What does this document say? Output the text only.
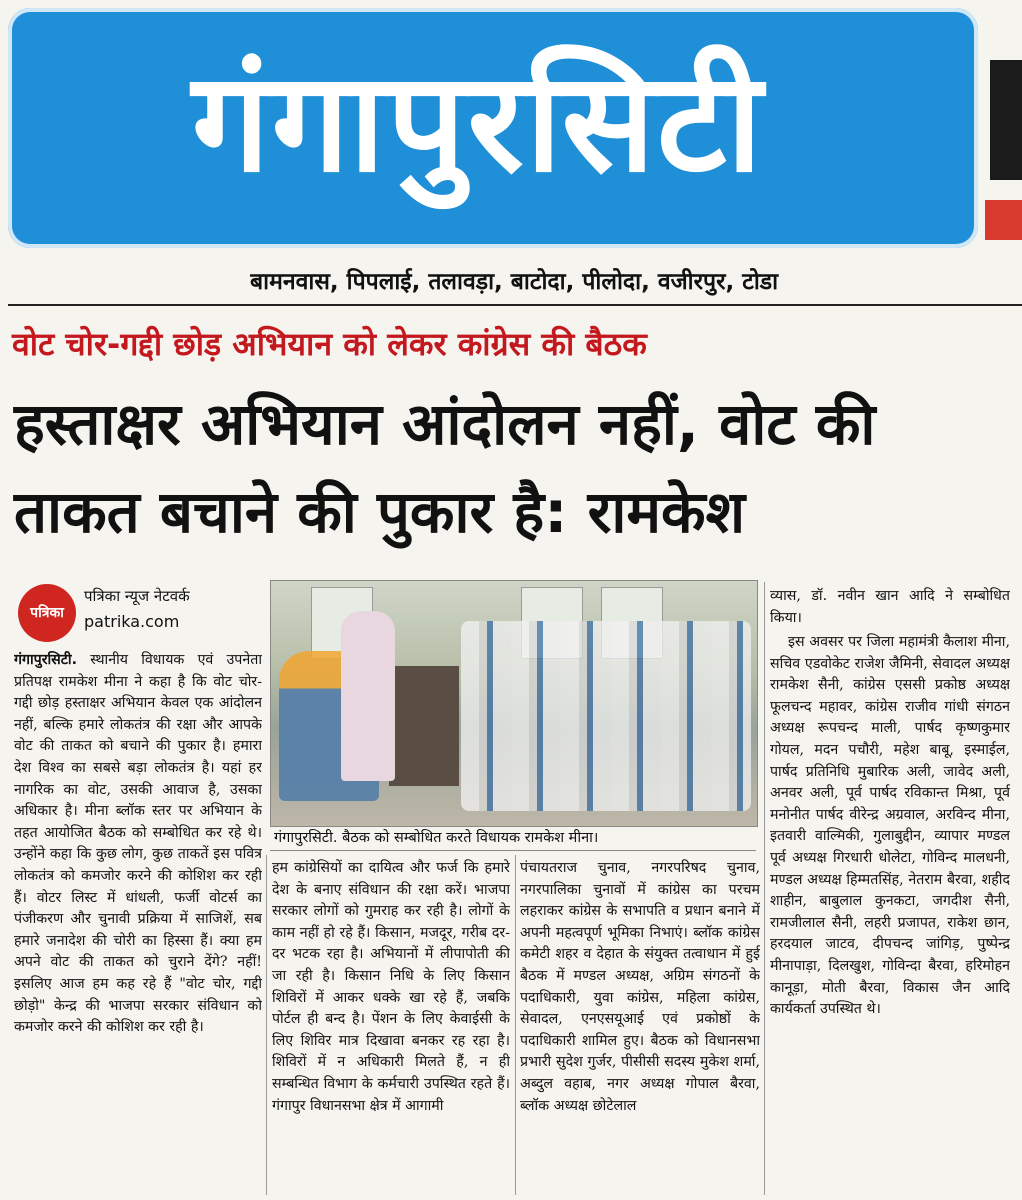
गंगापुरसिटी
बामनवास, पिपलाई, तलावड़ा, बाटोदा, पीलोदा, वजीरपुर, टोडा
वोट चोर-गद्दी छोड़ अभियान को लेकर कांग्रेस की बैठक
हस्ताक्षर अभियान आंदोलन नहीं, वोट की ताकत बचाने की पुकार है: रामकेश
पत्रिका
पत्रिका न्यूज नेटवर्क
patrika.com
गंगापुरसिटी. स्थानीय विधायक एवं उपनेता प्रतिपक्ष रामकेश मीना ने कहा है कि वोट चोर-गद्दी छोड़ हस्ताक्षर अभियान केवल एक आंदोलन नहीं, बल्कि हमारे लोकतंत्र की रक्षा और आपके वोट की ताकत को बचाने की पुकार है। हमारा देश विश्व का सबसे बड़ा लोकतंत्र है। यहां हर नागरिक का वोट, उसकी आवाज है, उसका अधिकार है। मीना ब्लॉक स्तर पर अभियान के तहत आयोजित बैठक को सम्बोधित कर रहे थे। उन्होंने कहा कि कुछ लोग, कुछ ताकतें इस पवित्र लोकतंत्र को कमजोर करने की कोशिश कर रही हैं। वोटर लिस्ट में धांधली, फर्जी वोटर्स का पंजीकरण और चुनावी प्रक्रिया में साजिशें, सब हमारे जनादेश की चोरी का हिस्सा हैं। क्या हम अपने वोट की ताकत को चुराने देंगे? नहीं! इसलिए आज हम कह रहे हैं "वोट चोर, गद्दी छोड़ो" केन्द्र की भाजपा सरकार संविधान को कमजोर करने की कोशिश कर रही है।
गंगापुरसिटी. बैठक को सम्बोधित करते विधायक रामकेश मीना।
हम कांग्रेसियों का दायित्व और फर्ज कि हमारे देश के बनाए संविधान की रक्षा करें। भाजपा सरकार लोगों को गुमराह कर रही है। लोगों के काम नहीं हो रहे हैं। किसान, मजदूर, गरीब दर-दर भटक रहा है। अभियानों में लीपापोती की जा रही है। किसान निधि के लिए किसान शिविरों में आकर धक्के खा रहे हैं, जबकि पोर्टल ही बन्द है। पेंशन के लिए केवाईसी के लिए शिविर मात्र दिखावा बनकर रह रहा है। शिविरों में न अधिकारी मिलते हैं, न ही सम्बन्धित विभाग के कर्मचारी उपस्थित रहते हैं। गंगापुर विधानसभा क्षेत्र में आगामी
पंचायतराज चुनाव, नगरपरिषद चुनाव, नगरपालिका चुनावों में कांग्रेस का परचम लहराकर कांग्रेस के सभापति व प्रधान बनाने में अपनी महत्वपूर्ण भूमिका निभाएं। ब्लॉक कांग्रेस कमेटी शहर व देहात के संयुक्त तत्वाधान में हुई बैठक में मण्डल अध्यक्ष, अग्रिम संगठनों के पदाधिकारी, युवा कांग्रेस, महिला कांग्रेस, सेवादल, एनएसयूआई एवं प्रकोष्ठों के पदाधिकारी शामिल हुए। बैठक को विधानसभा प्रभारी सुदेश गुर्जर, पीसीसी सदस्य मुकेश शर्मा, अब्दुल वहाब, नगर अध्यक्ष गोपाल बैरवा, ब्लॉक अध्यक्ष छोटेलाल
व्यास, डॉ. नवीन खान आदि ने सम्बोधित किया।
इस अवसर पर जिला महामंत्री कैलाश मीना, सचिव एडवोकेट राजेश जैमिनी, सेवादल अध्यक्ष रामकेश सैनी, कांग्रेस एससी प्रकोष्ठ अध्यक्ष फूलचन्द महावर, कांग्रेस राजीव गांधी संगठन अध्यक्ष रूपचन्द माली, पार्षद कृष्णकुमार गोयल, मदन पचौरी, महेश बाबू, इस्माईल, पार्षद प्रतिनिधि मुबारिक अली, जावेद अली, अनवर अली, पूर्व पार्षद रविकान्त मिश्रा, पूर्व मनोनीत पार्षद वीरेन्द्र अग्रवाल, अरविन्द मीना, इतवारी वाल्मिकी, गुलाबुद्दीन, व्यापार मण्डल पूर्व अध्यक्ष गिरधारी धोलेटा, गोविन्द मालधनी, मण्डल अध्यक्ष हिम्मतसिंह, नेतराम बैरवा, शहीद शाहीन, बाबुलाल कुनकटा, जगदीश सैनी, रामजीलाल सैनी, लहरी प्रजापत, राकेश छान, हरदयाल जाटव, दीपचन्द जांगिड़, पुष्पेन्द्र मीनापाड़ा, दिलखुश, गोविन्दा बैरवा, हरिमोहन कानूड़ा, मोती बैरवा, विकास जैन आदि कार्यकर्ता उपस्थित थे।
